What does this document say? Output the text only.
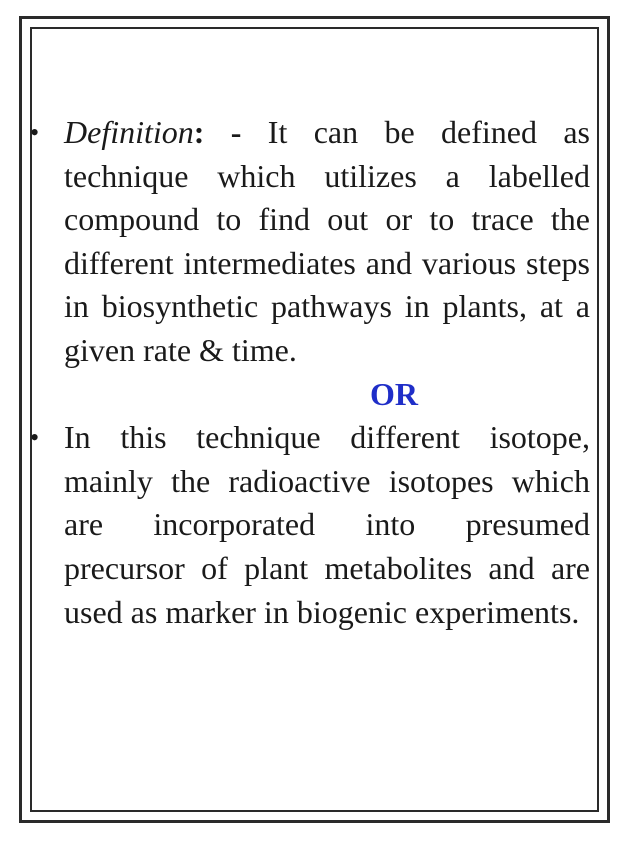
• Definition: - It can be defined as technique which utilizes a labelled compound to find out or to trace the different intermediates and various steps in biosynthetic pathways in plants, at a given rate & time.
OR
• In this technique different isotope, mainly the radioactive isotopes which are incorporated into presumed precursor of plant metabolites and are used as marker in biogenic experiments.
